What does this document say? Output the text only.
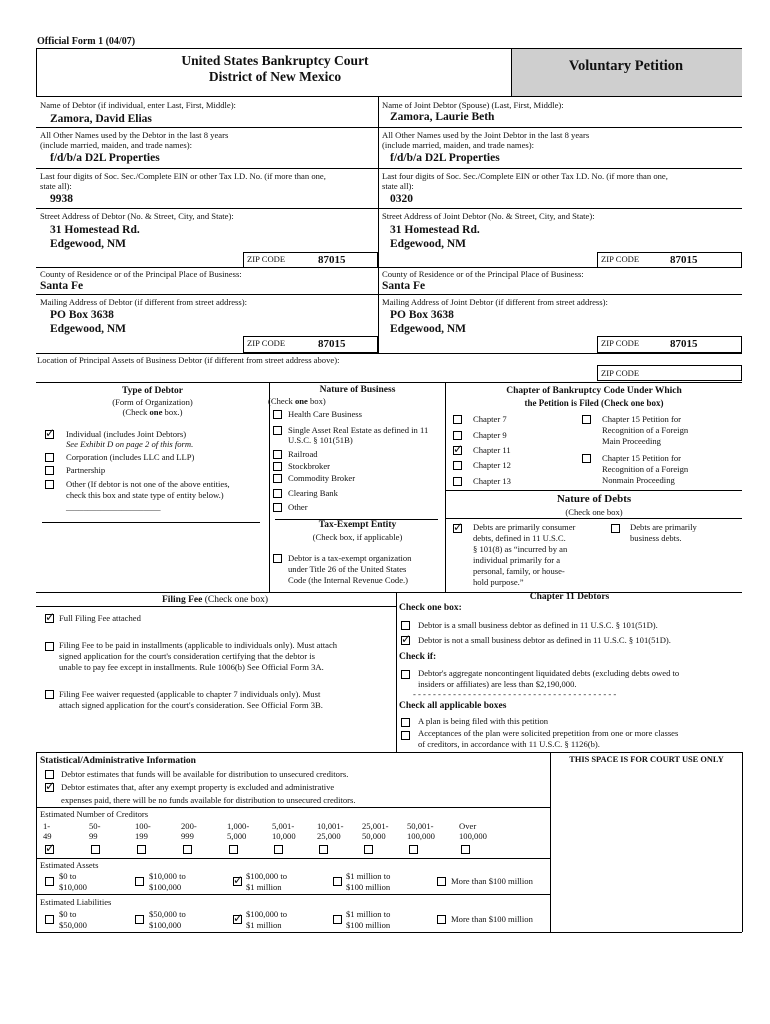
Official Form 1 (04/07)
United States Bankruptcy Court
District of New Mexico
Voluntary Petition
Name of Debtor (if individual, enter Last, First, Middle):
Zamora, David Elias
All Other Names used by the Debtor in the last 8 years
(include married, maiden, and trade names):
f/d/b/a D2L Properties
Last four digits of Soc. Sec./Complete EIN or other Tax I.D. No. (if more than one,
state all):
9938
Street Address of Debtor (No. & Street, City, and State):
31 Homestead Rd.
Edgewood, NM
ZIP CODE	87015
County of Residence or of the Principal Place of Business:
Santa Fe
Mailing Address of Debtor (if different from street address):
PO Box 3638
Edgewood, NM
ZIP CODE	87015
Name of Joint Debtor (Spouse) (Last, First, Middle):
Zamora, Laurie Beth
All Other Names used by the Joint Debtor in the last 8 years
(include married, maiden, and trade names):
f/d/b/a D2L Properties
Last four digits of Soc. Sec./Complete EIN or other Tax I.D. No. (if more than one,
state all):
0320
Street Address of Joint Debtor (No. & Street, City, and State):
31 Homestead Rd.
Edgewood, NM
ZIP CODE	87015
County of Residence or of the Principal Place of Business:
Santa Fe
Mailing Address of Joint Debtor (if different from street address):
PO Box 3638
Edgewood, NM
ZIP CODE	87015
Location of Principal Assets of Business Debtor (if different from street address above):
ZIP CODE
Type of Debtor
(Form of Organization)
(Check one box.)
✓
Individual (includes Joint Debtors)
See Exhibit D on page 2 of this form.
Corporation (includes LLC and LLP)
Partnership
Other (If debtor is not one of the above entities,
check this box and state type of entity below.)
______________________
Nature of Business
(Check one box)
Health Care Business
Single Asset Real Estate as defined in 11
U.S.C. § 101(51B)
Railroad
Stockbroker
Commodity Broker
Clearing Bank
Other
Tax-Exempt Entity
(Check box, if applicable)
Debtor is a tax-exempt organization
under Title 26 of the United States
Code (the Internal Revenue Code.)
Chapter of Bankruptcy Code Under Which
the Petition is Filed (Check one box)
Chapter 7
Chapter 9
✓
Chapter 11
Chapter 12
Chapter 13
Chapter 15 Petition for
Recognition of a Foreign
Main Proceeding
Chapter 15 Petition for
Recognition of a Foreign
Nonmain Proceeding
Nature of Debts
(Check one box)
✓
Debts are primarily consumer
debts, defined in 11 U.S.C.
§ 101(8) as “incurred by an
individual primarily for a
personal, family, or house-
hold purpose.”
Debts are primarily
business debts.
Filing Fee (Check one box)
✓
Full Filing Fee attached
Filing Fee to be paid in installments (applicable to individuals only). Must attach
signed application for the court's consideration certifying that the debtor is
unable to pay fee except in installments. Rule 1006(b) See Official Form 3A.
Filing Fee waiver requested (applicable to chapter 7 individuals only). Must
attach signed application for the court's consideration. See Official Form 3B.
Chapter 11 Debtors
Check one box:
Debtor is a small business debtor as defined in 11 U.S.C. § 101(51D).
✓
Debtor is not a small business debtor as defined in 11 U.S.C. § 101(51D).
Check if:
Debtor's aggregate noncontingent liquidated debts (excluding debts owed to
insiders or affiliates) are less than $2,190,000.
- - - - - - - - - - - - - - - - - - - - - - - - - - - - - - - - - - - - - - - - -
Check all applicable boxes
A plan is being filed with this petition
Acceptances of the plan were solicited prepetition from one or more classes
of creditors, in accordance with 11 U.S.C. § 1126(b).
Statistical/Administrative Information	THIS SPACE IS FOR COURT USE ONLY
Debtor estimates that funds will be available for distribution to unsecured creditors.
✓
Debtor estimates that, after any exempt property is excluded and administrative
expenses paid, there will be no funds available for distribution to unsecured creditors.
Estimated Number of Creditors
1-
49
✓
50-
99
100-
199
200-
999
1,000-
5,000
5,001-
10,000
10,001-
25,000
25,001-
50,000
50,001-
100,000
Over
100,000
Estimated Assets
$0 to
$10,000
$10,000 to
$100,000
✓
$100,000 to
$1 million
$1 million to
$100 million
More than $100 million
Estimated Liabilities
$0 to
$50,000
$50,000 to
$100,000
✓
$100,000 to
$1 million
$1 million to
$100 million
More than $100 million
